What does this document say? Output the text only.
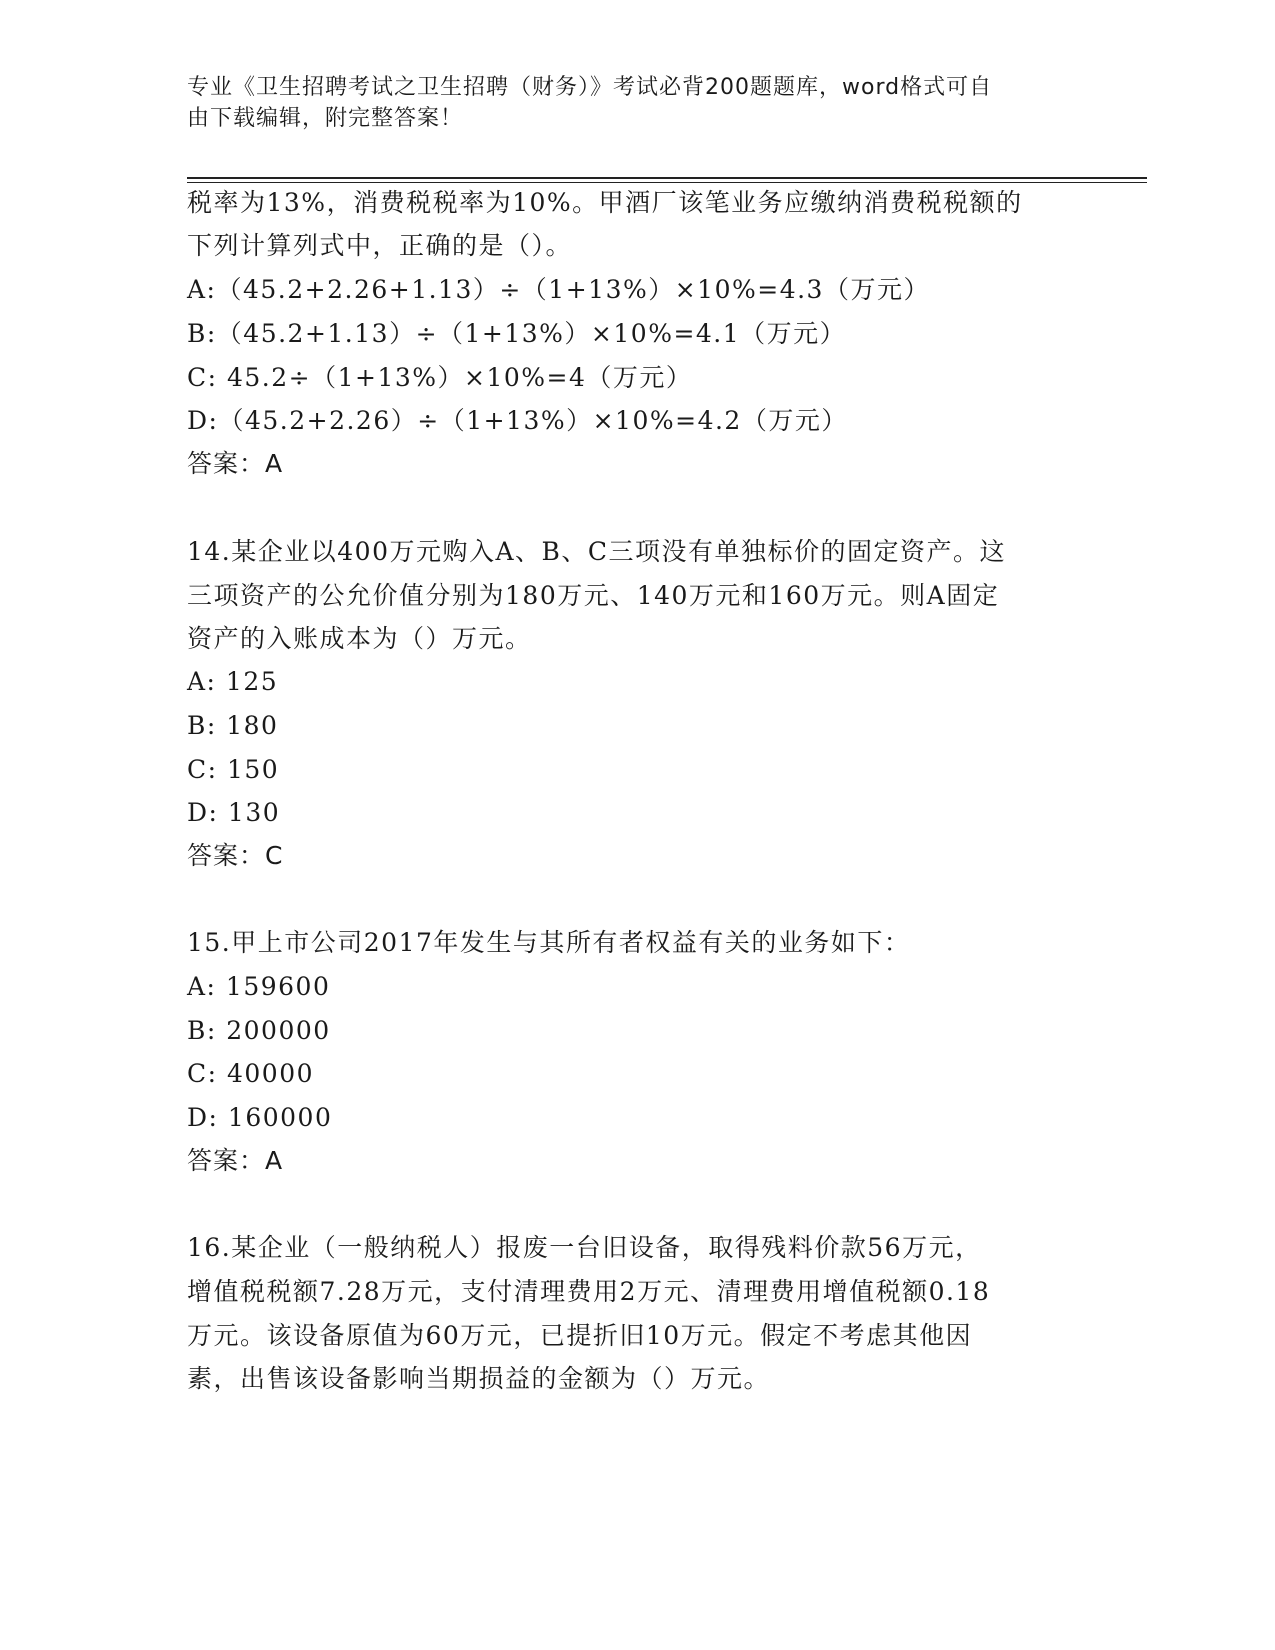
专业《卫生招聘考试之卫生招聘（财务）》考试必背200题题库，word格式可自
由下载编辑，附完整答案！
税率为13%，消费税税率为10%。甲酒厂该笔业务应缴纳消费税税额的
下列计算列式中，正确的是（）。
A:（45.2+2.26+1.13）÷（1+13%）×10%=4.3（万元）
B:（45.2+1.13）÷（1+13%）×10%=4.1（万元）
C: 45.2÷（1+13%）×10%=4（万元）
D:（45.2+2.26）÷（1+13%）×10%=4.2（万元）
答案：A
14.某企业以400万元购入A、B、C三项没有单独标价的固定资产。这
三项资产的公允价值分别为180万元、140万元和160万元。则A固定
资产的入账成本为（）万元。
A: 125
B: 180
C: 150
D: 130
答案：C
15.甲上市公司2017年发生与其所有者权益有关的业务如下：
A: 159600
B: 200000
C: 40000
D: 160000
答案：A
16.某企业（一般纳税人）报废一台旧设备，取得残料价款56万元，
增值税税额7.28万元，支付清理费用2万元、清理费用增值税额0.18
万元。该设备原值为60万元，已提折旧10万元。假定不考虑其他因
素，出售该设备影响当期损益的金额为（）万元。
